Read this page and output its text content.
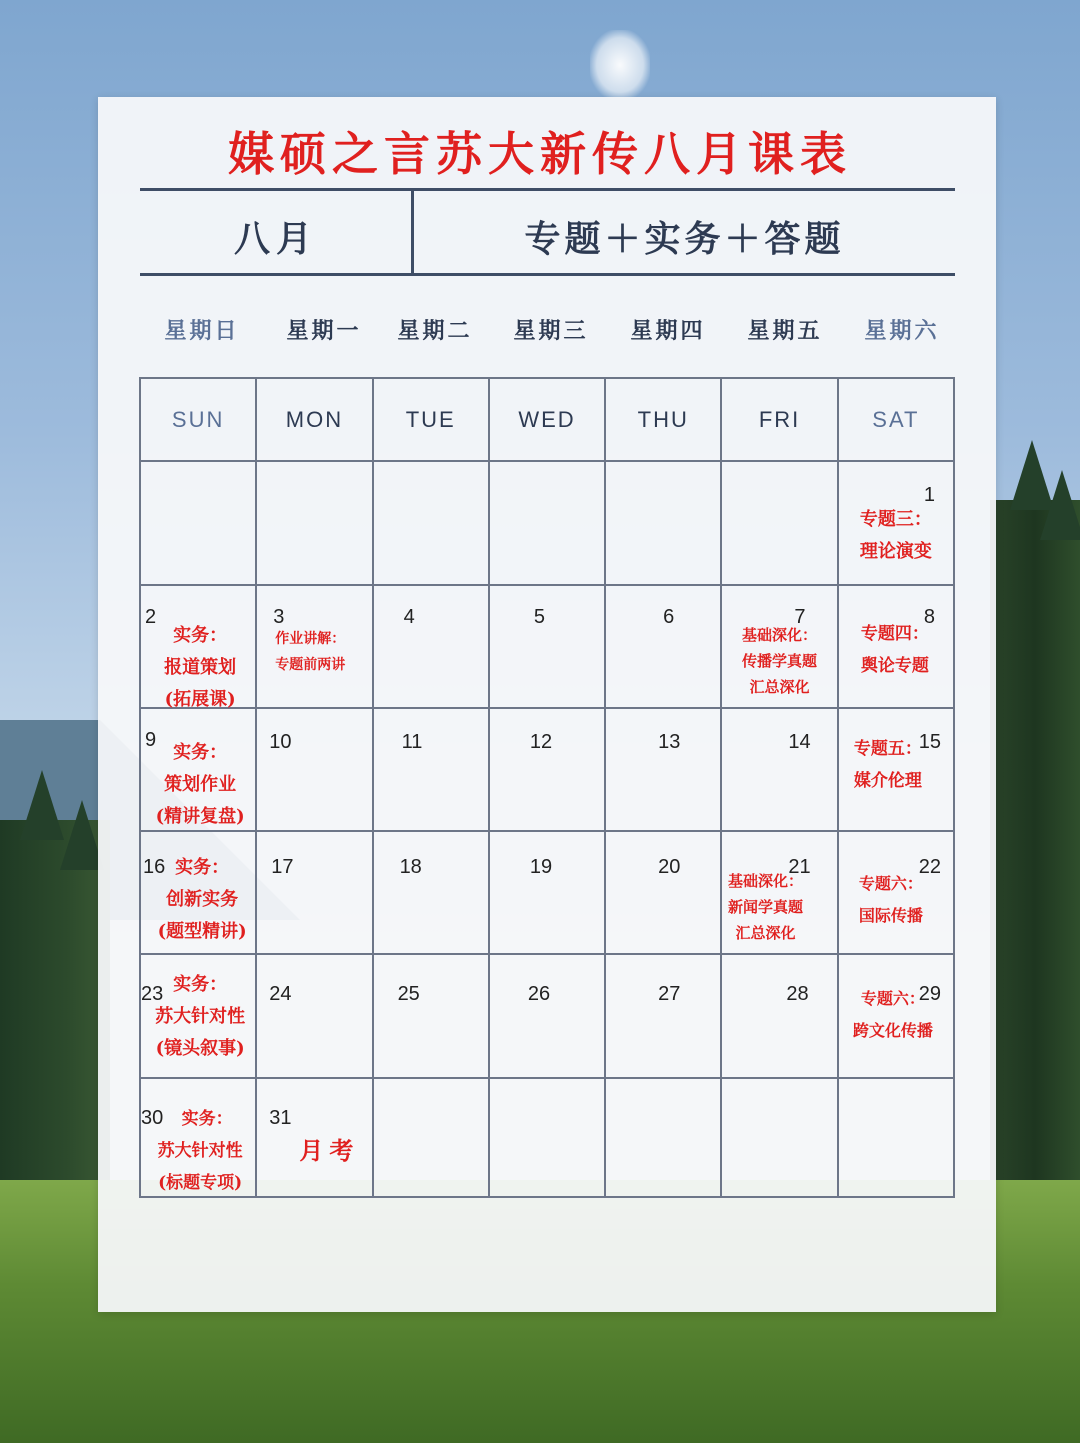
媒硕之言苏大新传八月课表
八月	专题＋实务＋答题
星期日	星期一	星期二	星期三	星期四	星期五	星期六
SUN	MON	TUE	WED	THU	FRI	SAT

						1
专题三：
理论演变

2
实务：
报道策划
(拓展课)	3
作业讲解：
专题前两讲	4	5	6	7
基础深化：
传播学真题
汇总深化	8
专题四：
舆论专题

9
实务：
策划作业
(精讲复盘)	10	11	12	13	14	15
专题五：
媒介伦理

16 实务：
创新实务
(题型精讲)	17	18	19	20	21
基础深化：
新闻学真题
汇总深化	22
专题六：
国际传播

23 实务：
苏大针对性
(镜头叙事)	24	25	26	27	28	29
专题六：
跨文化传播

30 实务：
苏大针对性
(标题专项)	31
月考					
